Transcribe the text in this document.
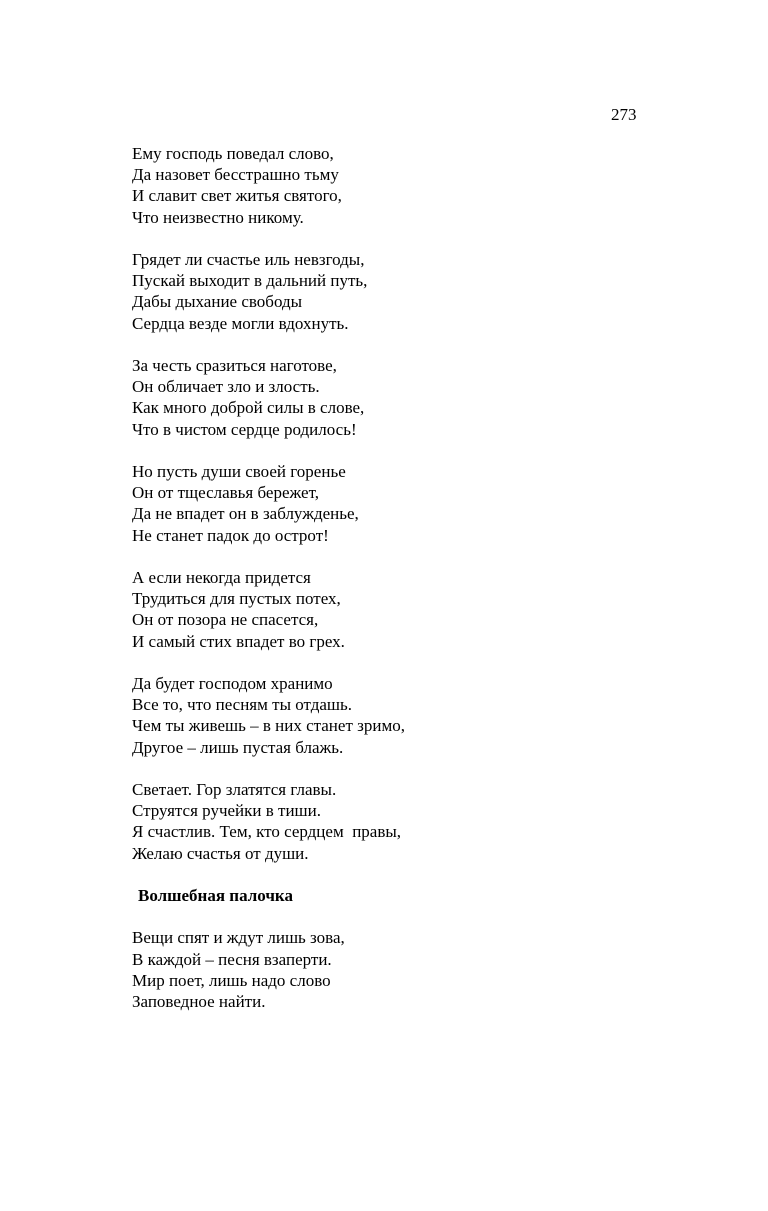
273
Ему господь поведал слово,
Да назовет бесстрашно тьму
И славит свет житья святого,
Что неизвестно никому.
Грядет ли счастье иль невзгоды,
Пускай выходит в дальний путь,
Дабы дыхание свободы
Сердца везде могли вдохнуть.
За честь сразиться наготове,
Он обличает зло и злость.
Как много доброй силы в слове,
Что в чистом сердце родилось!
Но пусть души своей горенье
Он от тщеславья бережет,
Да не впадет он в заблужденье,
Не станет падок до острот!
А если некогда придется
Трудиться для пустых потех,
Он от позора не спасется,
И самый стих впадет во грех.
Да будет господом хранимо
Все то, что песням ты отдашь.
Чем ты живешь – в них станет зримо,
Другое – лишь пустая блажь.
Светает. Гор златятся главы.
Струятся ручейки в тиши.
Я счастлив. Тем, кто сердцем  правы,
Желаю счастья от души.
Волшебная палочка
Вещи спят и ждут лишь зова,
В каждой – песня взаперти.
Мир поет, лишь надо слово
Заповедное найти.
